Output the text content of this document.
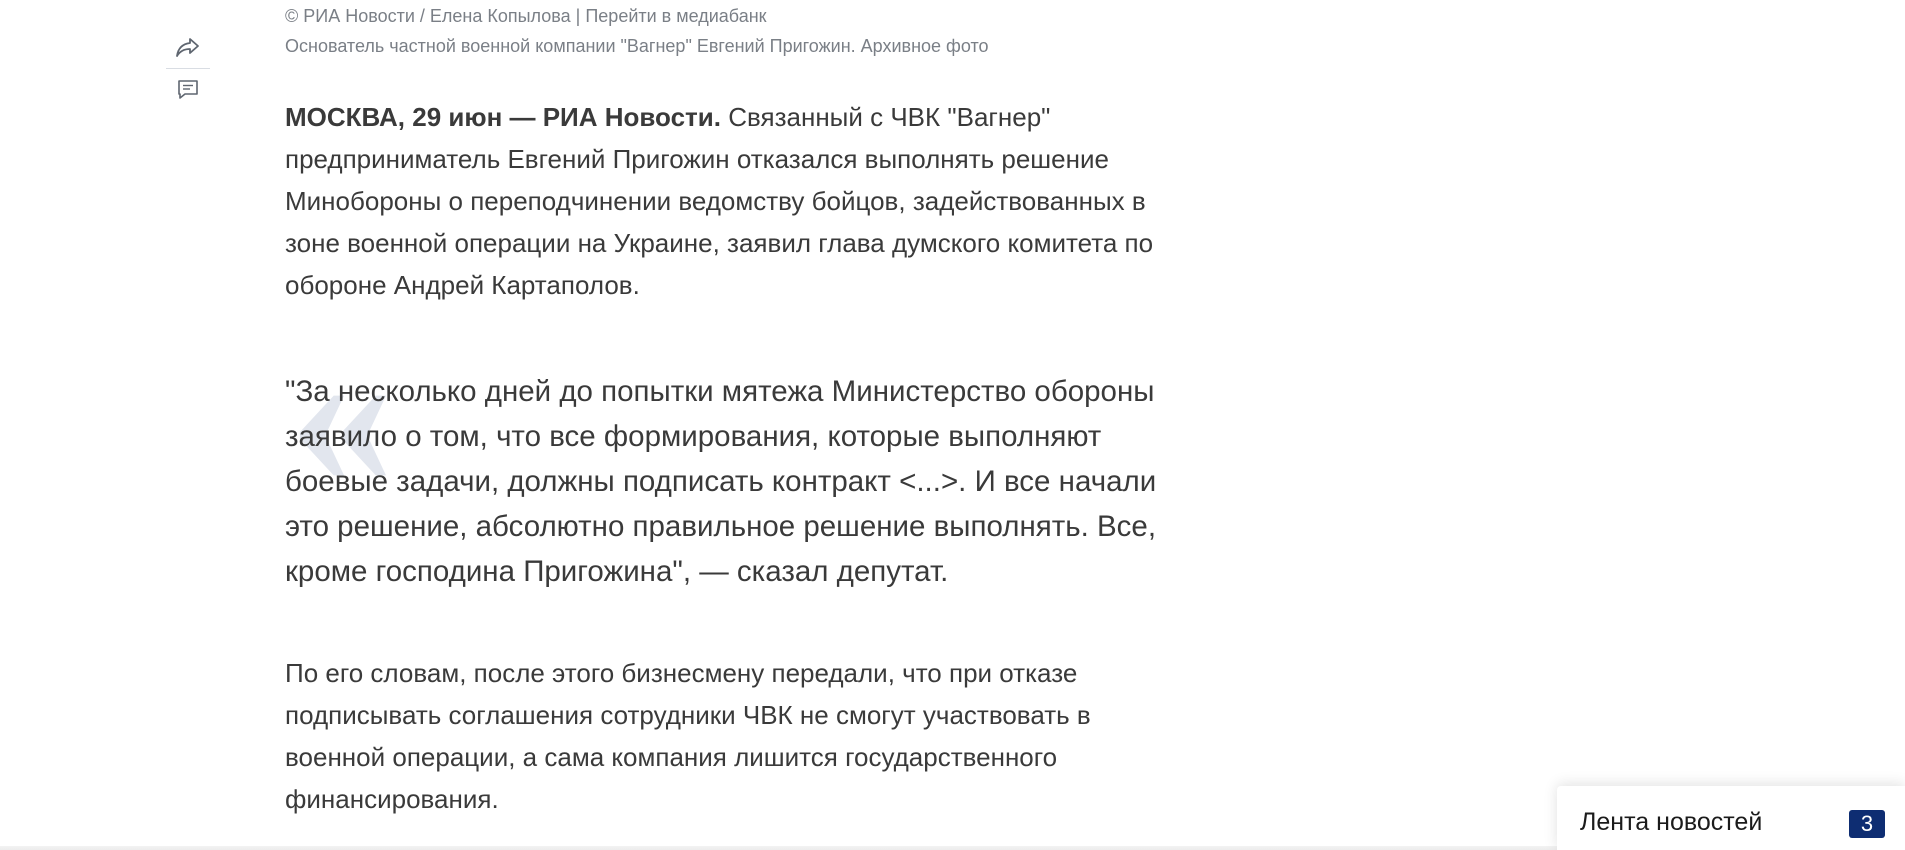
© РИА Новости / Елена Копылова | Перейти в медиабанк
Основатель частной военной компании "Вагнер" Евгений Пригожин. Архивное фото
МОСКВА, 29 июн — РИА Новости. Связанный с ЧВК "Вагнер" предприниматель Евгений Пригожин отказался выполнять решение Минобороны о переподчинении ведомству бойцов, задействованных в зоне военной операции на Украине, заявил глава думского комитета по обороне Андрей Картаполов.
«

"За несколько дней до попытки мятежа Министерство обороны заявило о том, что все формирования, которые выполняют боевые задачи, должны подписать контракт <...>. И все начали это решение, абсолютно правильное решение выполнять. Все, кроме господина Пригожина", — сказал депутат.

По его словам, после этого бизнесмену передали, что при отказе подписывать соглашения сотрудники ЧВК не смогут участвовать в военной операции, а сама компания лишится государственного финансирования.
Лента новостей	3
